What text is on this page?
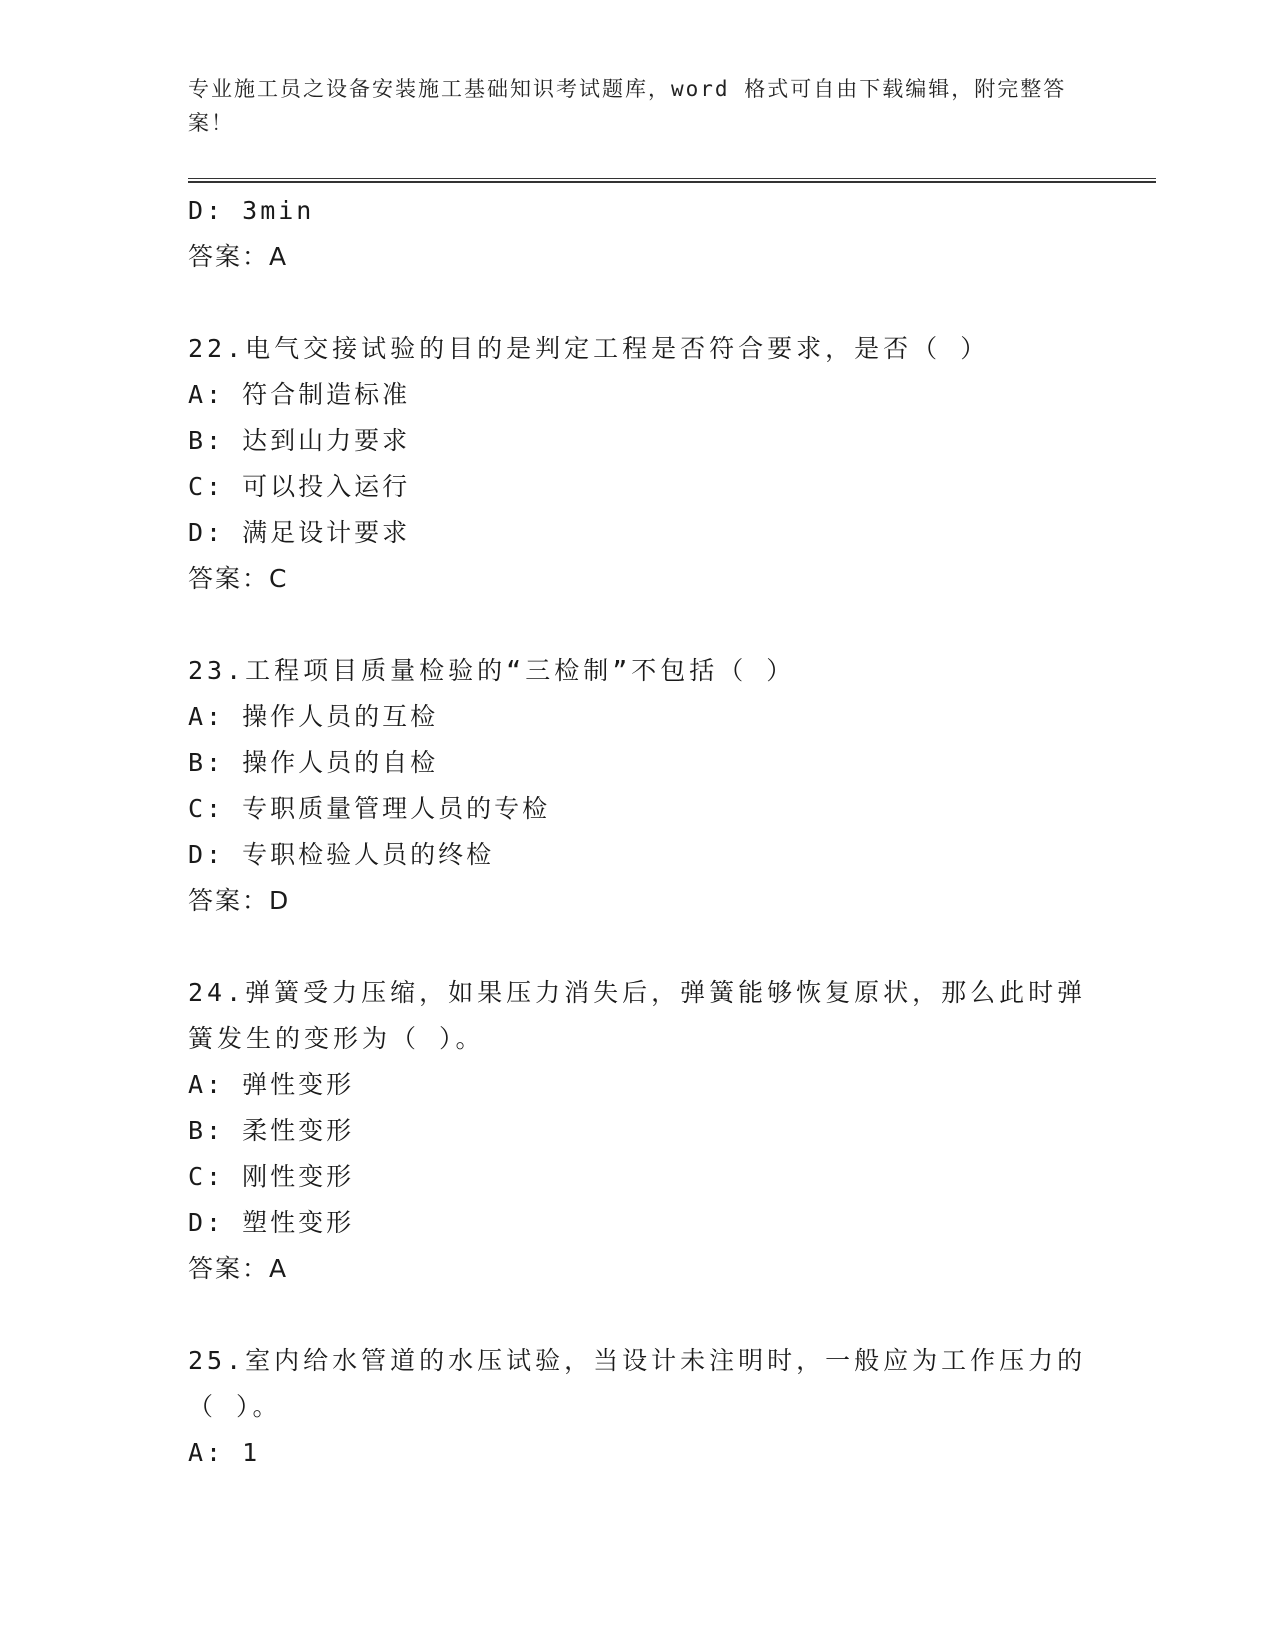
专业施工员之设备安装施工基础知识考试题库，word 格式可自由下载编辑，附完整答案！
D: 3min
答案：A
22.电气交接试验的目的是判定工程是否符合要求，是否（ ）
A: 符合制造标准
B: 达到山力要求
C: 可以投入运行
D: 满足设计要求
答案：C
23.工程项目质量检验的“三检制”不包括（ ）
A: 操作人员的互检
B: 操作人员的自检
C: 专职质量管理人员的专检
D: 专职检验人员的终检
答案：D
24.弹簧受力压缩，如果压力消失后，弹簧能够恢复原状，那么此时弹簧发生的变形为（ ）。
A: 弹性变形
B: 柔性变形
C: 刚性变形
D: 塑性变形
答案：A
25.室内给水管道的水压试验，当设计未注明时，一般应为工作压力的（ ）。
A: 1
